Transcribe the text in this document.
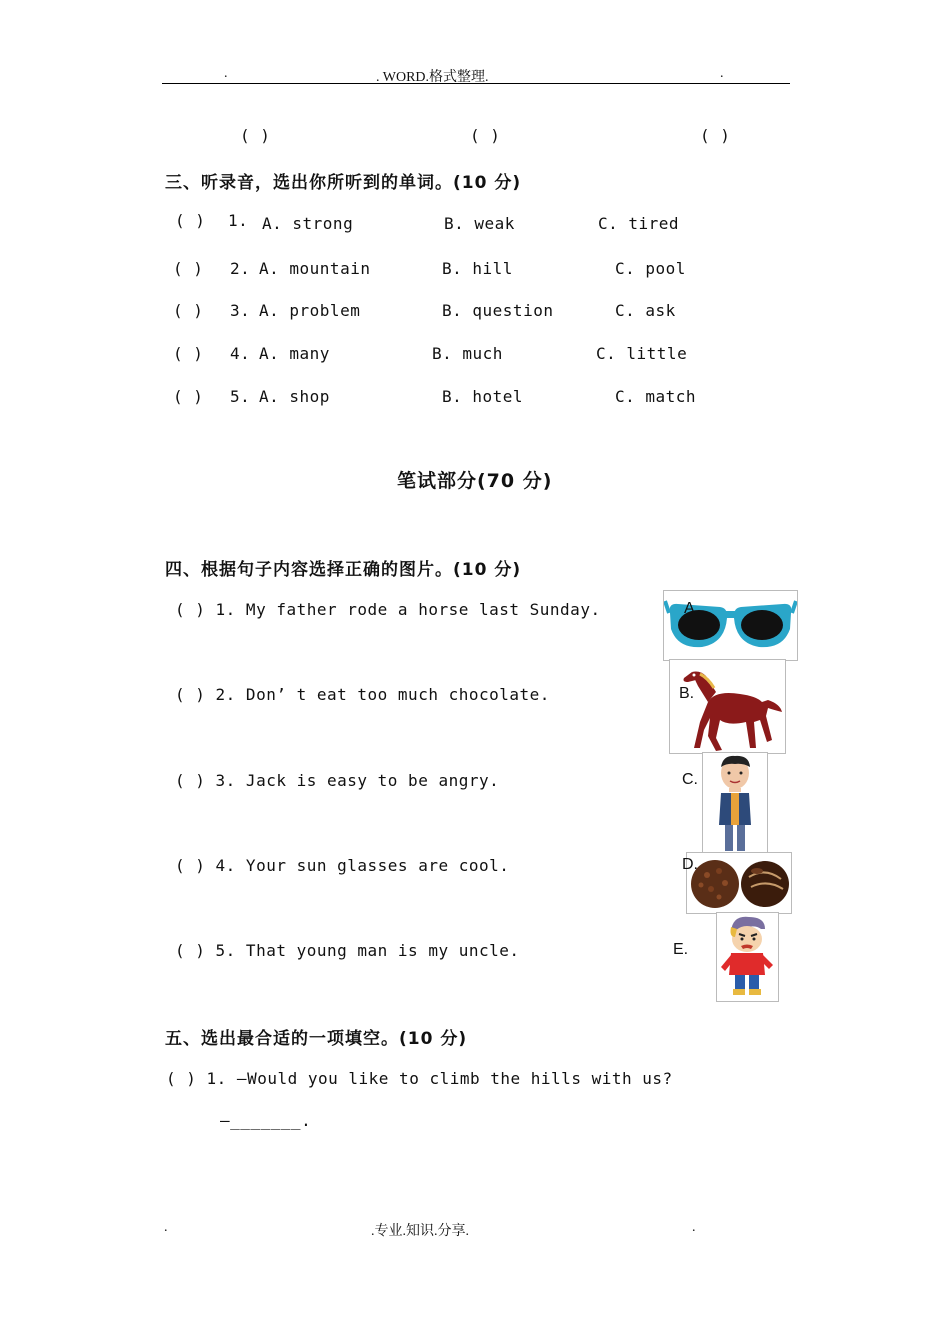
.	. WORD.格式整理.	.
( )	( )	( )
三、听录音，选出你所听到的单词。(10 分)
( ) 1. A. strong	B. weak	C. tired
( ) 2. A. mountain	B. hill	C. pool
( ) 3. A. problem	B. question	C. ask
( ) 4. A. many	B. much	C. little
( ) 5. A. shop	B. hotel	C. match
笔试部分(70 分)
四、根据句子内容选择正确的图片。(10 分)
( ) 1. My father rode a horse last Sunday.
( ) 2. Don’ t eat too much chocolate.
( ) 3. Jack is easy to be angry.
( ) 4. Your sun glasses are cool.
( ) 5. That young man is my uncle.
A
B.
C.
D.
E.
五、选出最合适的一项填空。(10 分)
( ) 1. —Would you like to climb the hills with us?
—_______.
.	.专业.知识.分享.	.
